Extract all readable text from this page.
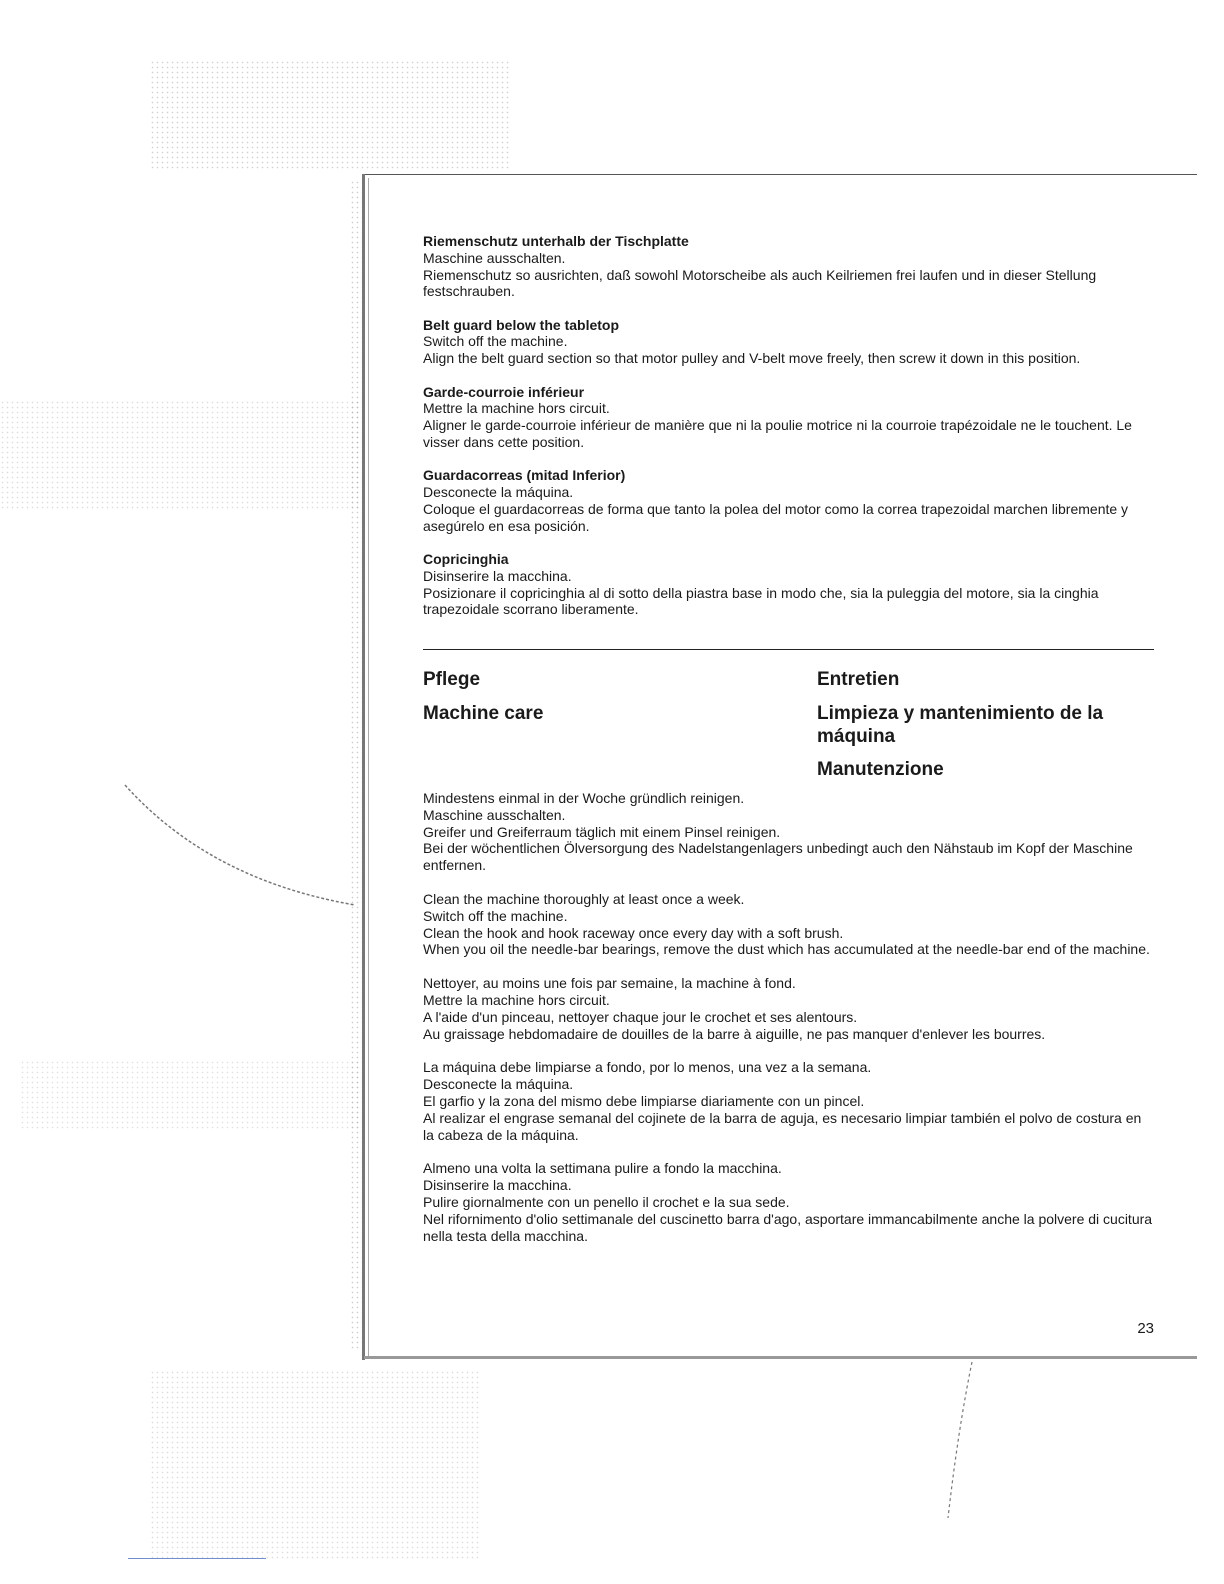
Riemenschutz unterhalb der Tischplatte

Maschine ausschalten.

Riemenschutz so ausrichten, daß sowohl Motorscheibe als auch Keilriemen frei laufen und in dieser Stellung festschrauben.

Belt guard below the tabletop

Switch off the machine.

Align the belt guard section so that motor pulley and V-belt move freely, then screw it down in this position.

Garde-courroie inférieur

Mettre la machine hors circuit.

Aligner le garde-courroie inférieur de manière que ni la poulie motrice ni la courroie trapézoidale ne le touchent. Le visser dans cette position.

Guardacorreas (mitad Inferior)

Desconecte la máquina.

Coloque el guardacorreas de forma que tanto la polea del motor como la correa trapezoidal marchen libremente y asegúrelo en esa posición.

Copricinghia

Disinserire la macchina.

Posizionare il copricinghia al di sotto della piastra base in modo che, sia la puleggia del motore, sia la cinghia trapezoidale scorrano liberamente.

Pflege
Machine care
Entretien
Limpieza y mantenimiento de la máquina
Manutenzione

Mindestens einmal in der Woche gründlich reinigen.

Maschine ausschalten.

Greifer und Greiferraum täglich mit einem Pinsel reinigen.

Bei der wöchentlichen Ölversorgung des Nadelstangenlagers unbedingt auch den Nähstaub im Kopf der Maschine entfernen.

Clean the machine thoroughly at least once a week.

Switch off the machine.

Clean the hook and hook raceway once every day with a soft brush.

When you oil the needle-bar bearings, remove the dust which has accumulated at the needle-bar end of the machine.

Nettoyer, au moins une fois par semaine, la machine à fond.

Mettre la machine hors circuit.

A l'aide d'un pinceau, nettoyer chaque jour le crochet et ses alentours.

Au graissage hebdomadaire de douilles de la barre à aiguille, ne pas manquer d'enlever les bourres.

La máquina debe limpiarse a fondo, por lo menos, una vez a la semana.

Desconecte la máquina.

El garfio y la zona del mismo debe limpiarse diariamente con un pincel.

Al realizar el engrase semanal del cojinete de la barra de aguja, es necesario limpiar también el polvo de costura en la cabeza de la máquina.

Almeno una volta la settimana pulire a fondo la macchina.

Disinserire la macchina.

Pulire giornalmente con un penello il crochet e la sua sede.

Nel rifornimento d'olio settimanale del cuscinetto barra d'ago, asportare immancabilmente anche la polvere di cucitura nella testa della macchina.

23
